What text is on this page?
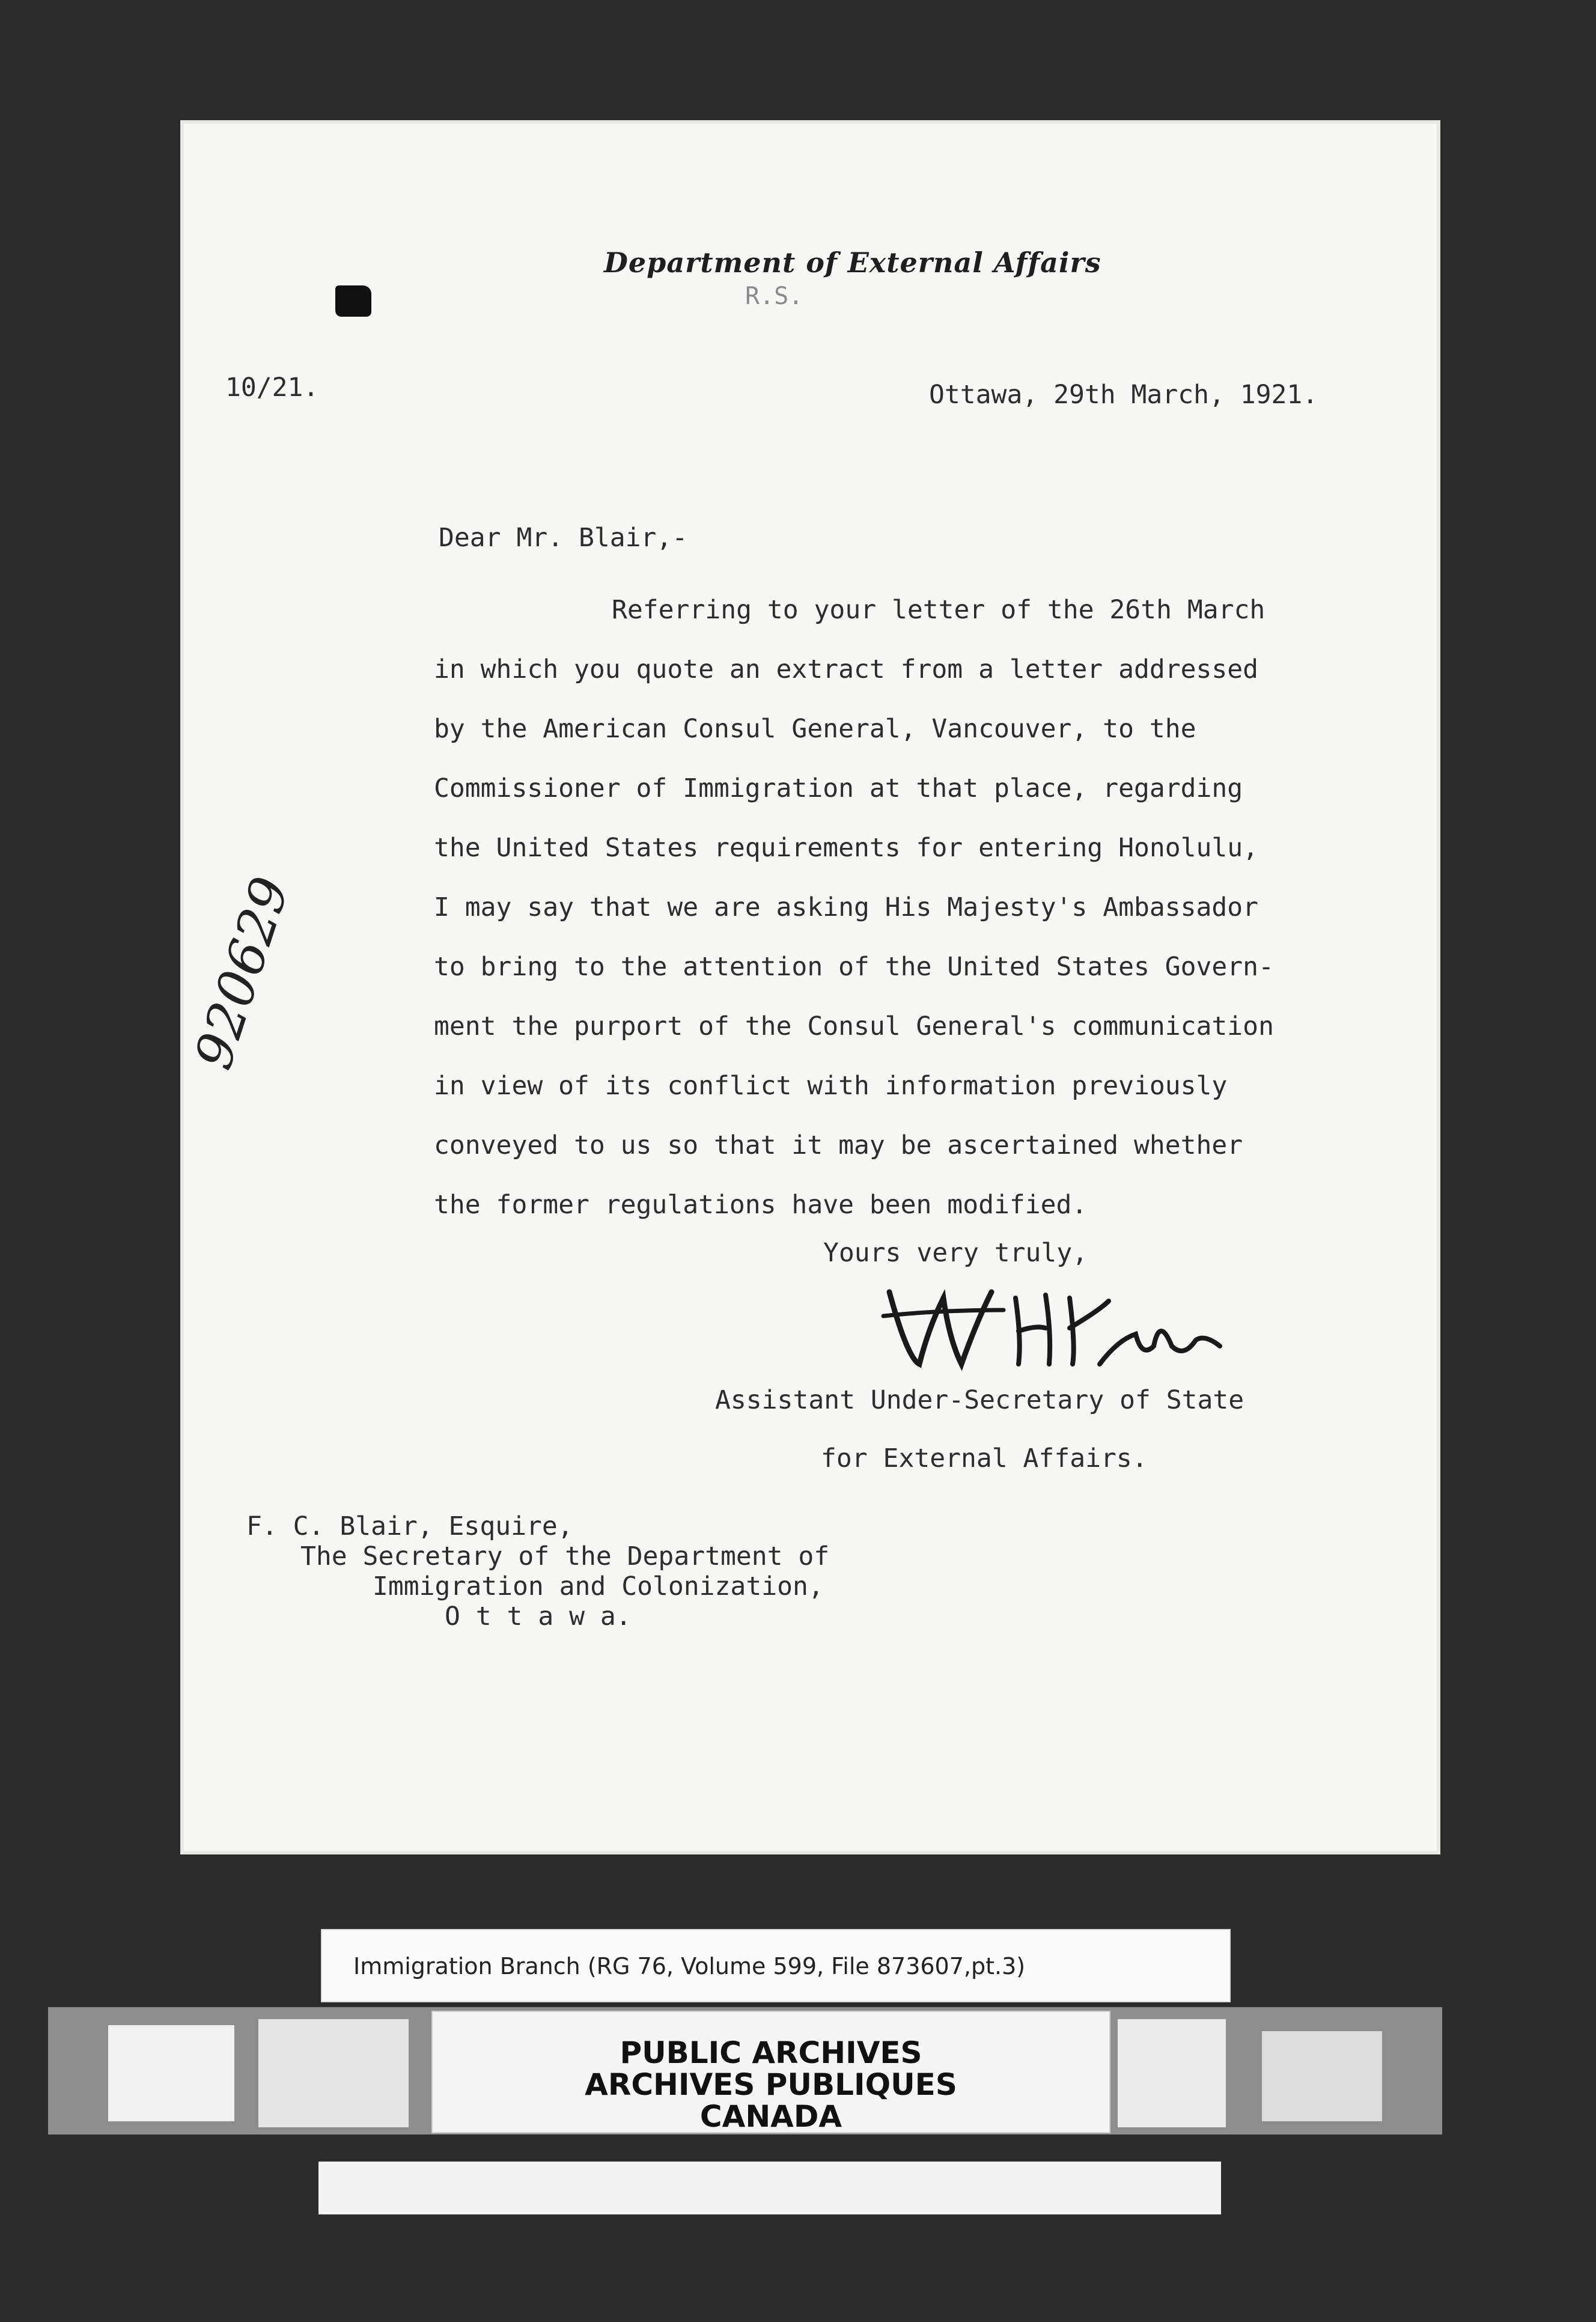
Department of External Affairs
R.S.
10/21.	Ottawa, 29th March, 1921.
Dear Mr. Blair,-
Referring to your letter of the 26th March
in which you quote an extract from a letter addressed
by the American Consul General, Vancouver, to the
Commissioner of Immigration at that place, regarding
the United States requirements for entering Honolulu,
I may say that we are asking His Majesty's Ambassador
to bring to the attention of the United States Govern-
ment the purport of the Consul General's communication
in view of its conflict with information previously
conveyed to us so that it may be ascertained whether
the former regulations have been modified.
Yours very truly,
W.H. Walker
Assistant Under-Secretary of State
for External Affairs.
F. C. Blair, Esquire,
The Secretary of the Department of
Immigration and Colonization,
O t t a w a.
920629
Immigration Branch (RG 76, Volume 599, File 873607,pt.3)
PUBLIC ARCHIVES
ARCHIVES PUBLIQUES
CANADA
